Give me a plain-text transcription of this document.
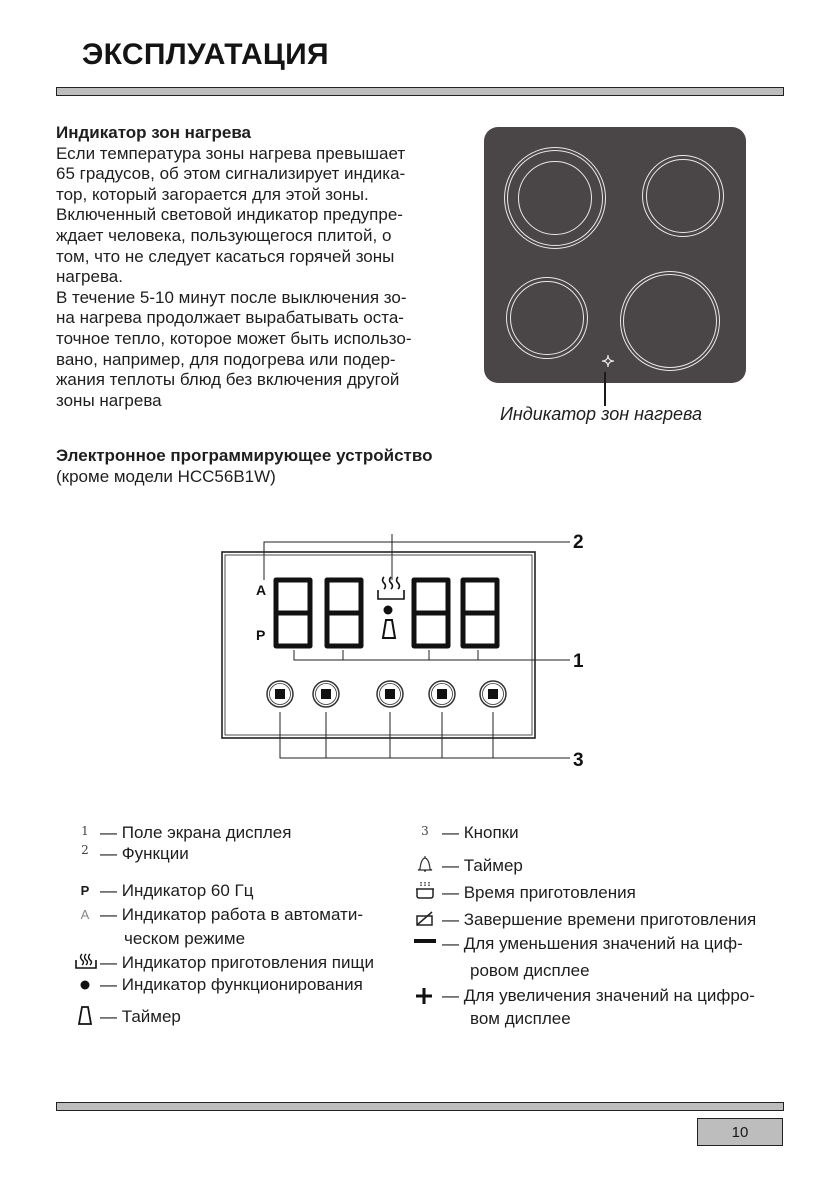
ЭКСПЛУАТАЦИЯ
Индикатор зон нагрева
Если температура зоны нагрева превышает
65 градусов, об этом сигнализирует индика-
тор, который загорается для этой зоны.
Включенный световой индикатор предупре-
ждает человека, пользующегося плитой, о
том, что не следует касаться горячей зоны
нагрева.
В течение 5-10 минут после выключения зо-
на нагрева продолжает вырабатывать оста-
точное тепло, которое может быть использо-
вано, например, для подогрева или подер-
жания теплоты блюд без включения другой
зоны нагрева
Индикатор зон нагрева
Электронное программирующее устройство
(кроме модели HCC56B1W)
A
P
2
1
3
1 — Поле экрана дисплея
2 — Функции
P — Индикатор 60 Гц
A — Индикатор работа в автомати-
ческом режиме
— Индикатор приготовления пищи
— Индикатор функционирования
— Таймер
3 — Кнопки
— Таймер
— Время приготовления
— Завершение времени приготовления
— Для уменьшения значений на циф-
ровом дисплее
— Для увеличения значений на цифро-
вом дисплее
10
